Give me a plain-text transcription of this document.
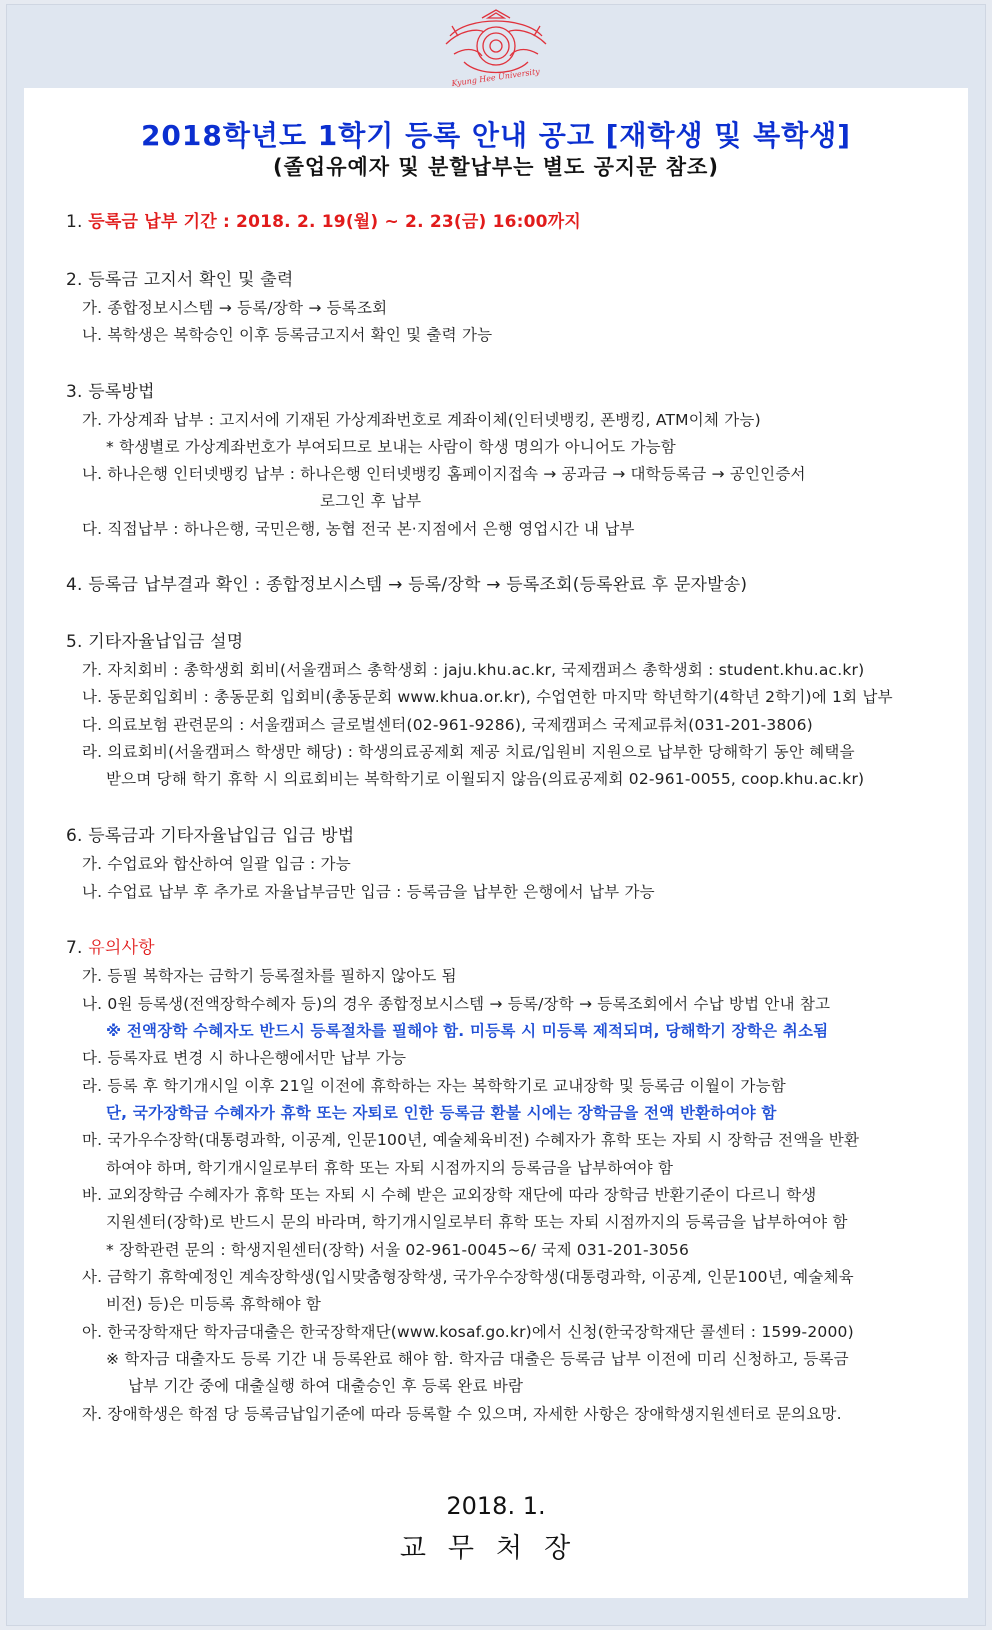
Kyung Hee University
2018학년도 1학기 등록 안내 공고 [재학생 및 복학생]
(졸업유예자 및 분할납부는 별도 공지문 참조)
1. 등록금 납부 기간 : 2018. 2. 19(월) ~ 2. 23(금) 16:00까지
2. 등록금 고지서 확인 및 출력
가. 종합정보시스템 → 등록/장학 → 등록조회
나. 복학생은 복학승인 이후 등록금고지서 확인 및 출력 가능
3. 등록방법
가. 가상계좌 납부 : 고지서에 기재된 가상계좌번호로 계좌이체(인터넷뱅킹, 폰뱅킹, ATM이체 가능)
* 학생별로 가상계좌번호가 부여되므로 보내는 사람이 학생 명의가 아니어도 가능함
나. 하나은행 인터넷뱅킹 납부 : 하나은행 인터넷뱅킹 홈페이지접속 → 공과금 → 대학등록금 → 공인인증서
로그인 후 납부
다. 직접납부 : 하나은행, 국민은행, 농협 전국 본·지점에서 은행 영업시간 내 납부
4. 등록금 납부결과 확인 : 종합정보시스템 → 등록/장학 → 등록조회(등록완료 후 문자발송)
5. 기타자율납입금 설명
가. 자치회비 : 총학생회 회비(서울캠퍼스 총학생회 : jaju.khu.ac.kr, 국제캠퍼스 총학생회 : student.khu.ac.kr)
나. 동문회입회비 : 총동문회 입회비(총동문회 www.khua.or.kr), 수업연한 마지막 학년학기(4학년 2학기)에 1회 납부
다. 의료보험 관련문의 : 서울캠퍼스 글로벌센터(02-961-9286), 국제캠퍼스 국제교류처(031-201-3806)
라. 의료회비(서울캠퍼스 학생만 해당) : 학생의료공제회 제공 치료/입원비 지원으로 납부한 당해학기 동안 혜택을
받으며 당해 학기 휴학 시 의료회비는 복학학기로 이월되지 않음(의료공제회 02-961-0055, coop.khu.ac.kr)
6. 등록금과 기타자율납입금 입금 방법
가. 수업료와 합산하여 일괄 입금 : 가능
나. 수업료 납부 후 추가로 자율납부금만 입금 : 등록금을 납부한 은행에서 납부 가능
7. 유의사항
가. 등필 복학자는 금학기 등록절차를 필하지 않아도 됨
나. 0원 등록생(전액장학수혜자 등)의 경우 종합정보시스템 → 등록/장학 → 등록조회에서 수납 방법 안내 참고
※ 전액장학 수혜자도 반드시 등록절차를 필해야 함. 미등록 시 미등록 제적되며, 당해학기 장학은 취소됨
다. 등록자료 변경 시 하나은행에서만 납부 가능
라. 등록 후 학기개시일 이후 21일 이전에 휴학하는 자는 복학학기로 교내장학 및 등록금 이월이 가능함
단, 국가장학금 수혜자가 휴학 또는 자퇴로 인한 등록금 환불 시에는 장학금을 전액 반환하여야 함
마. 국가우수장학(대통령과학, 이공계, 인문100년, 예술체육비전) 수혜자가 휴학 또는 자퇴 시 장학금 전액을 반환
하여야 하며, 학기개시일로부터 휴학 또는 자퇴 시점까지의 등록금을 납부하여야 함
바. 교외장학금 수혜자가 휴학 또는 자퇴 시 수혜 받은 교외장학 재단에 따라 장학금 반환기준이 다르니 학생
지원센터(장학)로 반드시 문의 바라며, 학기개시일로부터 휴학 또는 자퇴 시점까지의 등록금을 납부하여야 함
* 장학관련 문의 : 학생지원센터(장학) 서울 02-961-0045~6/ 국제 031-201-3056
사. 금학기 휴학예정인 계속장학생(입시맞춤형장학생, 국가우수장학생(대통령과학, 이공계, 인문100년, 예술체육
비전) 등)은 미등록 휴학해야 함
아. 한국장학재단 학자금대출은 한국장학재단(www.kosaf.go.kr)에서 신청(한국장학재단 콜센터 : 1599-2000)
※ 학자금 대출자도 등록 기간 내 등록완료 해야 함. 학자금 대출은 등록금 납부 이전에 미리 신청하고, 등록금
납부 기간 중에 대출실행 하여 대출승인 후 등록 완료 바람
자. 장애학생은 학점 당 등록금납입기준에 따라 등록할 수 있으며, 자세한 사항은 장애학생지원센터로 문의요망.
2018. 1.
교무처장
